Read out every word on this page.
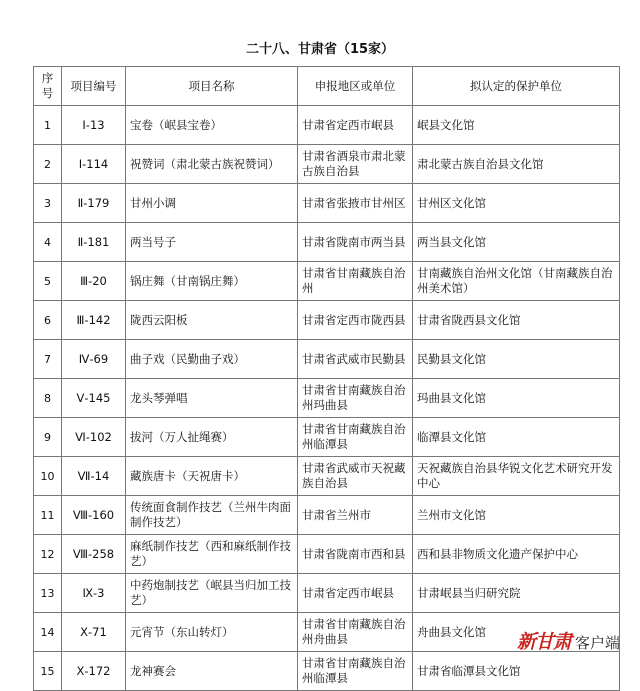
二十八、甘肃省（15家）
序号	项目编号	项目名称	申报地区或单位	拟认定的保护单位
1	Ⅰ-13	宝卷（岷县宝卷）	甘肃省定西市岷县	岷县文化馆
2	Ⅰ-114	祝赞词（肃北蒙古族祝赞词）	甘肃省酒泉市肃北蒙古族自治县	肃北蒙古族自治县文化馆
3	Ⅱ-179	甘州小调	甘肃省张掖市甘州区	甘州区文化馆
4	Ⅱ-181	两当号子	甘肃省陇南市两当县	两当县文化馆
5	Ⅲ-20	锅庄舞（甘南锅庄舞）	甘肃省甘南藏族自治州	甘南藏族自治州文化馆（甘南藏族自治州美术馆）
6	Ⅲ-142	陇西云阳板	甘肃省定西市陇西县	甘肃省陇西县文化馆
7	Ⅳ-69	曲子戏（民勤曲子戏）	甘肃省武威市民勤县	民勤县文化馆
8	Ⅴ-145	龙头琴弹唱	甘肃省甘南藏族自治州玛曲县	玛曲县文化馆
9	Ⅵ-102	拔河（万人扯绳赛）	甘肃省甘南藏族自治州临潭县	临潭县文化馆
10	Ⅶ-14	藏族唐卡（天祝唐卡）	甘肃省武威市天祝藏族自治县	天祝藏族自治县华锐文化艺术研究开发中心
11	Ⅷ-160	传统面食制作技艺（兰州牛肉面制作技艺）	甘肃省兰州市	兰州市文化馆
12	Ⅷ-258	麻纸制作技艺（西和麻纸制作技艺）	甘肃省陇南市西和县	西和县非物质文化遗产保护中心
13	Ⅸ-3	中药炮制技艺（岷县当归加工技艺）	甘肃省定西市岷县	甘肃岷县当归研究院
14	Ⅹ-71	元宵节（东山转灯）	甘肃省甘南藏族自治州舟曲县	舟曲县文化馆
15	Ⅹ-172	龙神赛会	甘肃省甘南藏族自治州临潭县	甘肃省临潭县文化馆
新甘肃 客户端
